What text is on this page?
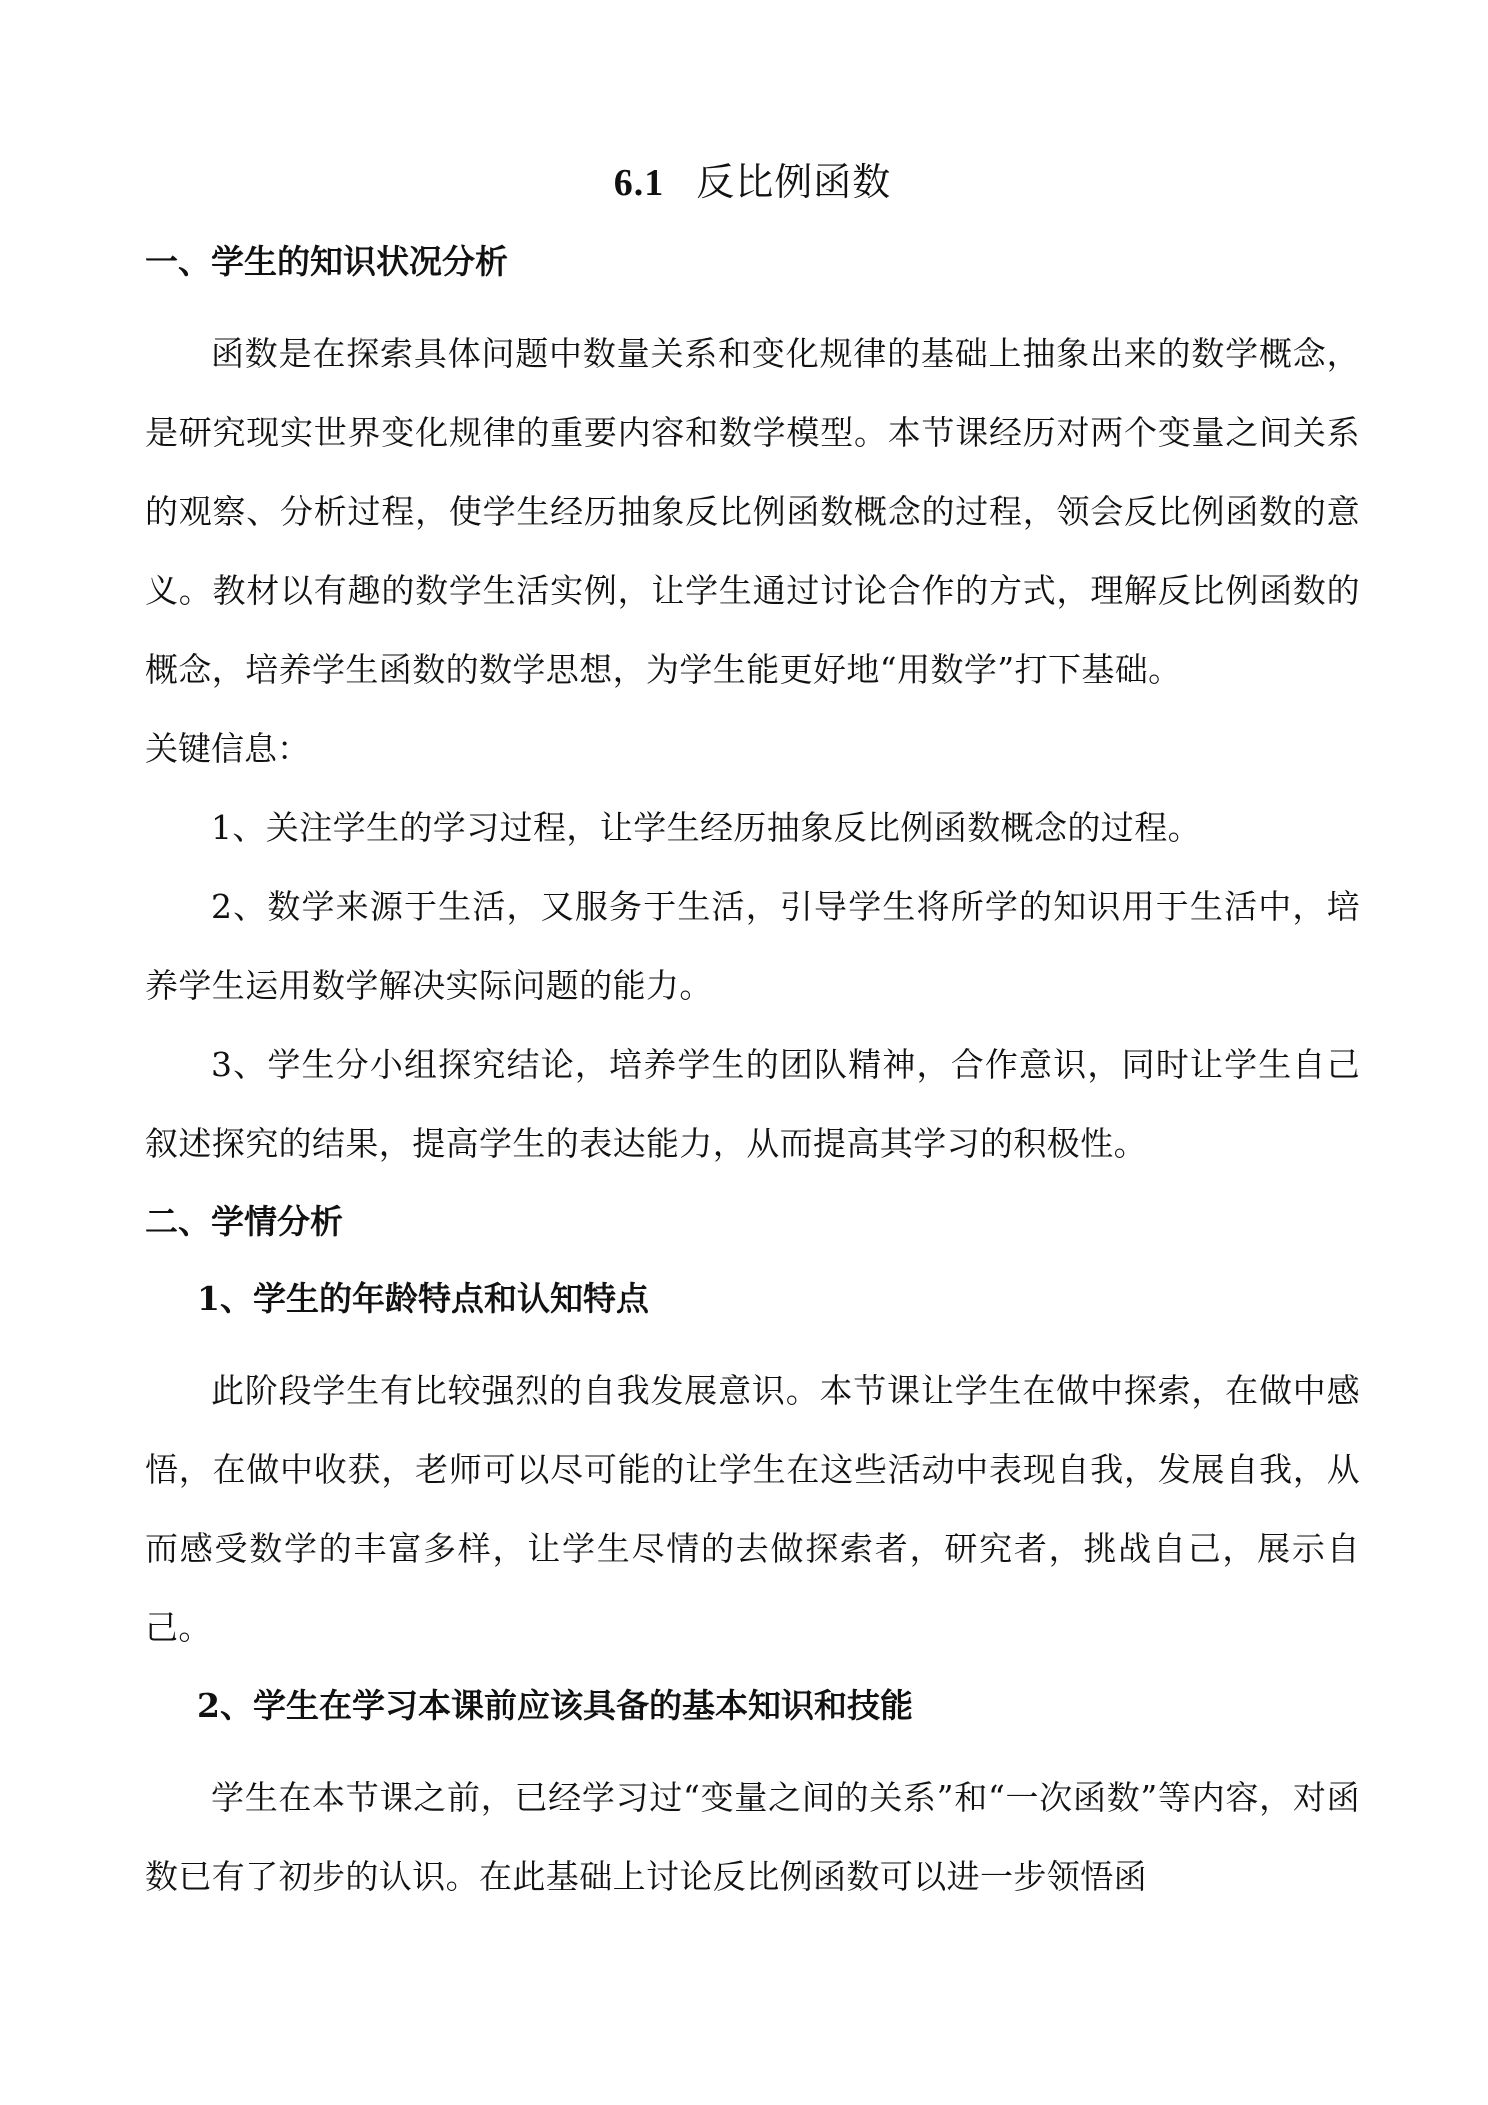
6.1 反比例函数
一、学生的知识状况分析

函数是在探索具体问题中数量关系和变化规律的基础上抽象出来的数学概念，是研究现实世界变化规律的重要内容和数学模型。本节课经历对两个变量之间关系的观察、分析过程，使学生经历抽象反比例函数概念的过程，领会反比例函数的意义。教材以有趣的数学生活实例，让学生通过讨论合作的方式，理解反比例函数的概念，培养学生函数的数学思想，为学生能更好地“用数学”打下基础。

关键信息：

1、关注学生的学习过程，让学生经历抽象反比例函数概念的过程。

2、数学来源于生活，又服务于生活，引导学生将所学的知识用于生活中，培养学生运用数学解决实际问题的能力。

3、学生分小组探究结论，培养学生的团队精神，合作意识，同时让学生自己叙述探究的结果，提高学生的表达能力，从而提高其学习的积极性。

二、学情分析
1、学生的年龄特点和认知特点

此阶段学生有比较强烈的自我发展意识。本节课让学生在做中探索，在做中感悟，在做中收获，老师可以尽可能的让学生在这些活动中表现自我，发展自我，从而感受数学的丰富多样，让学生尽情的去做探索者，研究者，挑战自己，展示自己。

2、学生在学习本课前应该具备的基本知识和技能

学生在本节课之前，已经学习过“变量之间的关系”和“一次函数”等内容，对函数已有了初步的认识。在此基础上讨论反比例函数可以进一步领悟函
